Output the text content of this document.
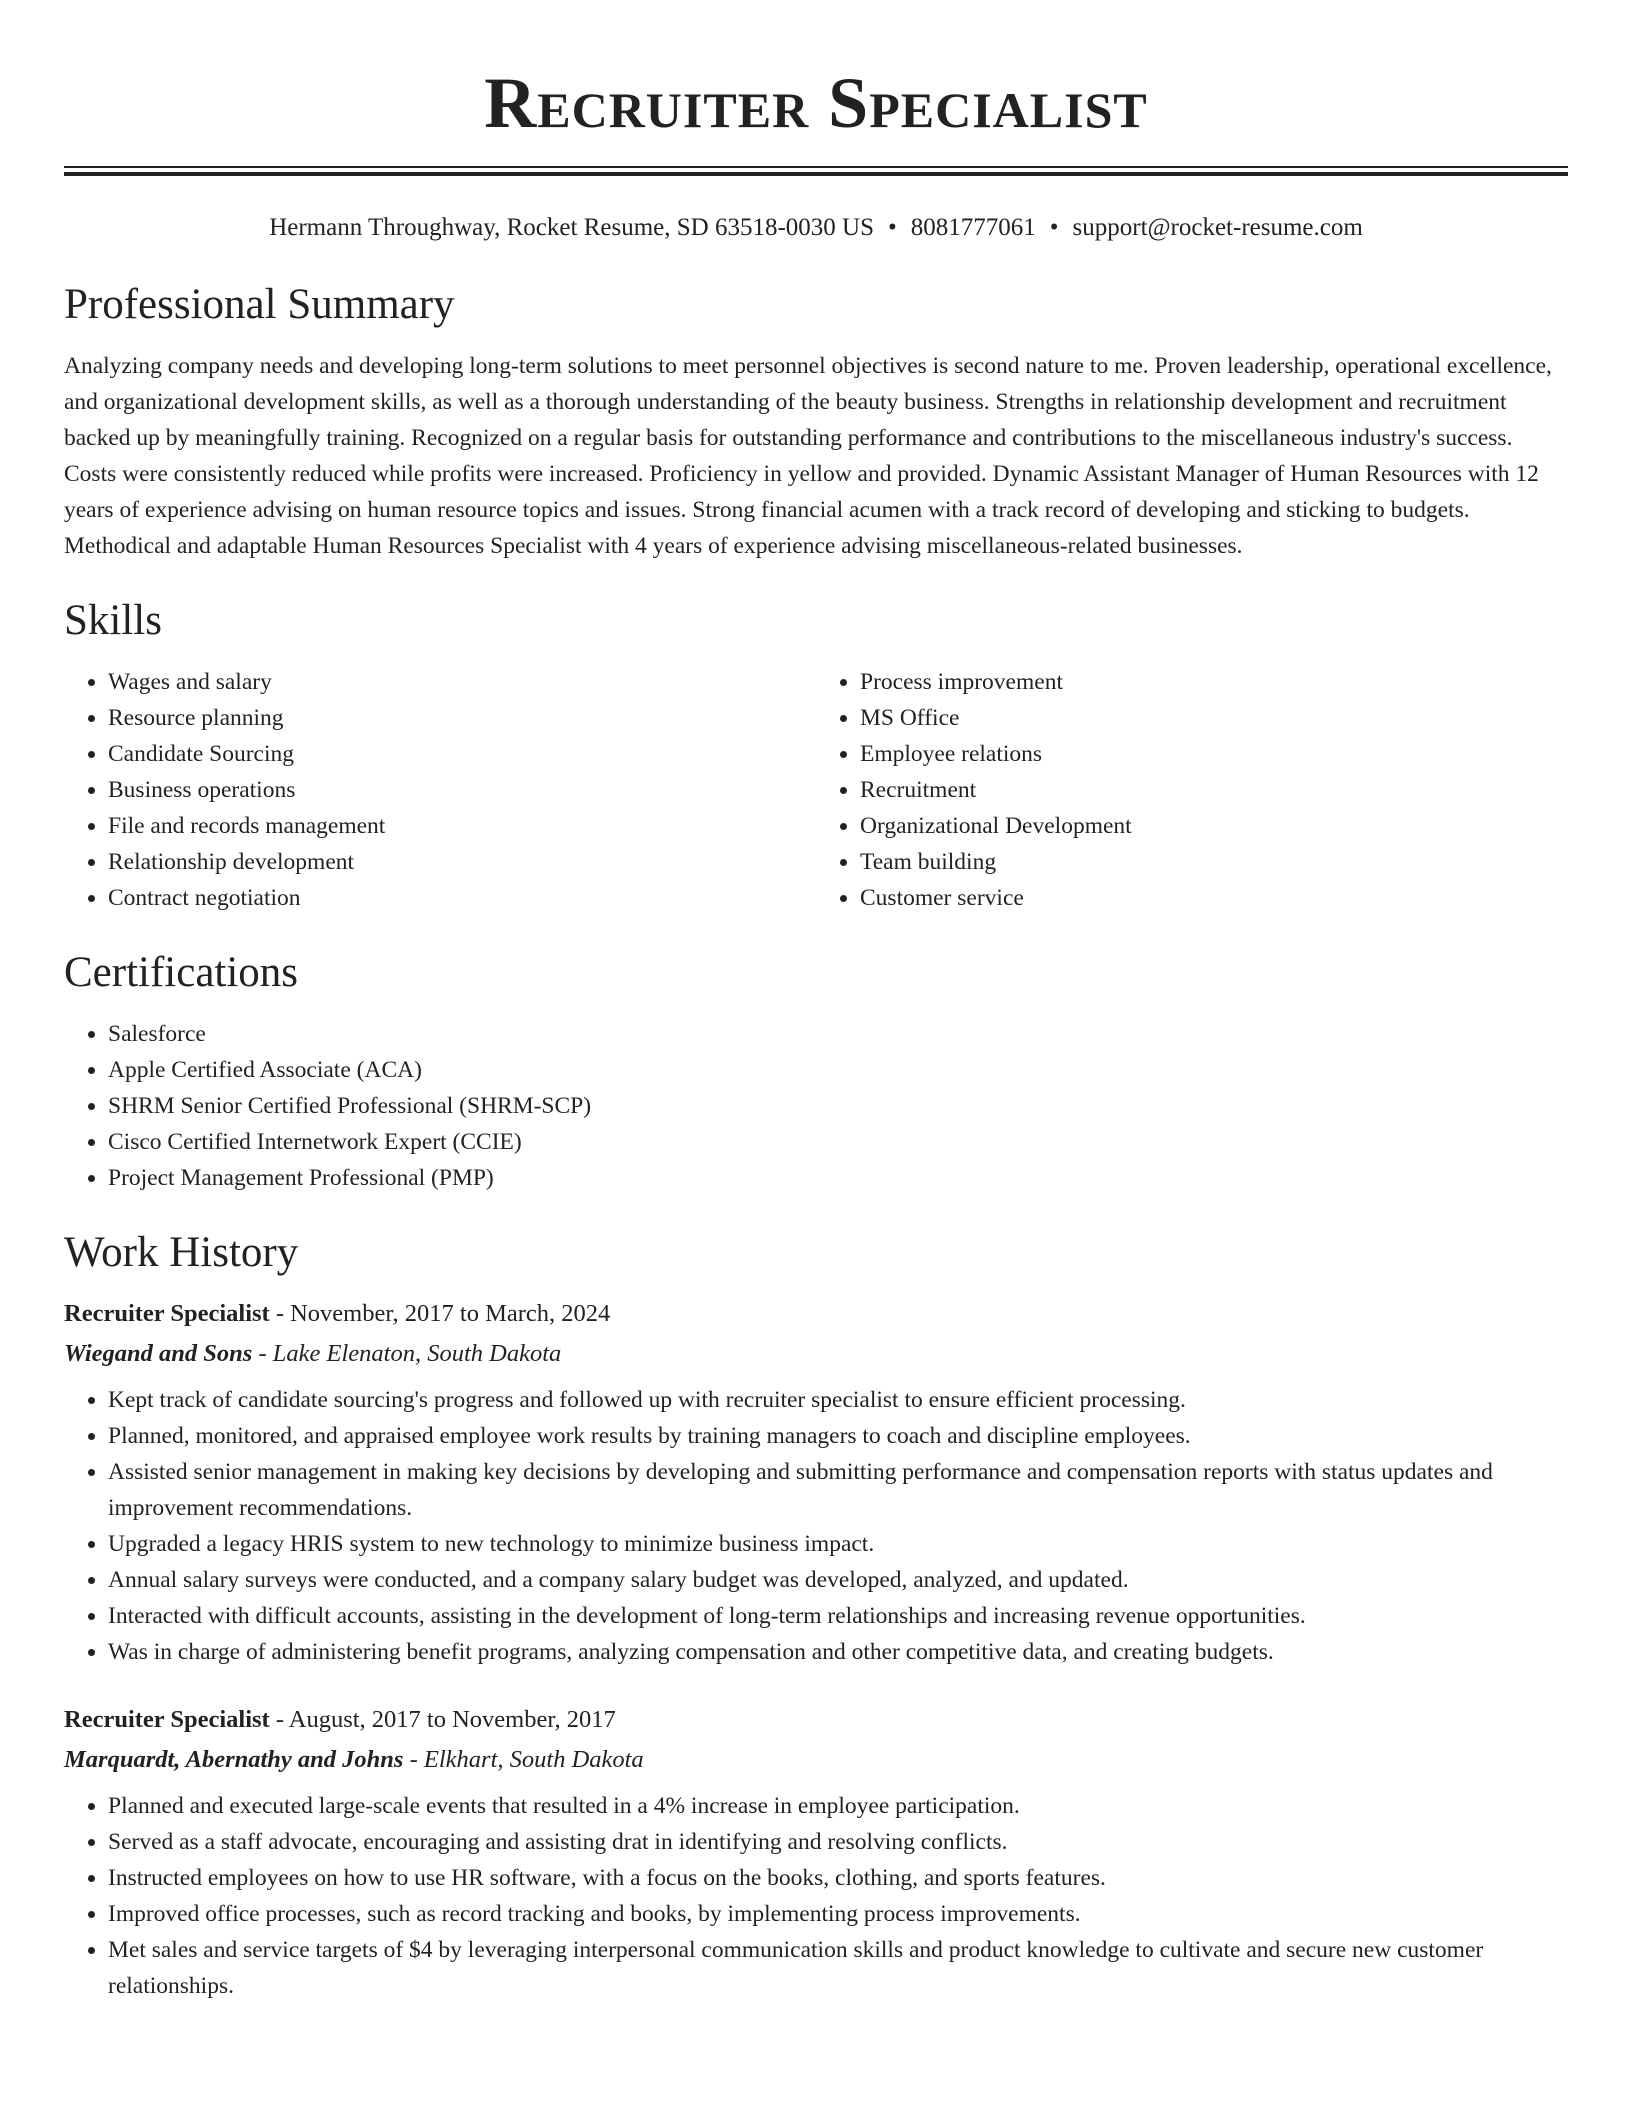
Recruiter Specialist
Hermann Throughway, Rocket Resume, SD 63518-0030 US • 8081777061 • support@rocket-resume.com
Professional Summary

Analyzing company needs and developing long-term solutions to meet personnel objectives is second nature to me. Proven leadership, operational excellence, and organizational development skills, as well as a thorough understanding of the beauty business. Strengths in relationship development and recruitment backed up by meaningfully training. Recognized on a regular basis for outstanding performance and contributions to the miscellaneous industry's success. Costs were consistently reduced while profits were increased. Proficiency in yellow and provided. Dynamic Assistant Manager of Human Resources with 12 years of experience advising on human resource topics and issues. Strong financial acumen with a track record of developing and sticking to budgets. Methodical and adaptable Human Resources Specialist with 4 years of experience advising miscellaneous-related businesses.

Skills
• Wages and salary
• Resource planning
• Candidate Sourcing
• Business operations
• File and records management
• Relationship development
• Contract negotiation
• Process improvement
• MS Office
• Employee relations
• Recruitment
• Organizational Development
• Team building
• Customer service
Certifications
• Salesforce
• Apple Certified Associate (ACA)
• SHRM Senior Certified Professional (SHRM-SCP)
• Cisco Certified Internetwork Expert (CCIE)
• Project Management Professional (PMP)
Work History
Recruiter Specialist - November, 2017 to March, 2024
Wiegand and Sons - Lake Elenaton, South Dakota
• Kept track of candidate sourcing's progress and followed up with recruiter specialist to ensure efficient processing.
• Planned, monitored, and appraised employee work results by training managers to coach and discipline employees.
• Assisted senior management in making key decisions by developing and submitting performance and compensation reports with status updates and improvement recommendations.
• Upgraded a legacy HRIS system to new technology to minimize business impact.
• Annual salary surveys were conducted, and a company salary budget was developed, analyzed, and updated.
• Interacted with difficult accounts, assisting in the development of long-term relationships and increasing revenue opportunities.
• Was in charge of administering benefit programs, analyzing compensation and other competitive data, and creating budgets.
Recruiter Specialist - August, 2017 to November, 2017
Marquardt, Abernathy and Johns - Elkhart, South Dakota
• Planned and executed large-scale events that resulted in a 4% increase in employee participation.
• Served as a staff advocate, encouraging and assisting drat in identifying and resolving conflicts.
• Instructed employees on how to use HR software, with a focus on the books, clothing, and sports features.
• Improved office processes, such as record tracking and books, by implementing process improvements.
• Met sales and service targets of $4 by leveraging interpersonal communication skills and product knowledge to cultivate and secure new customer relationships.
